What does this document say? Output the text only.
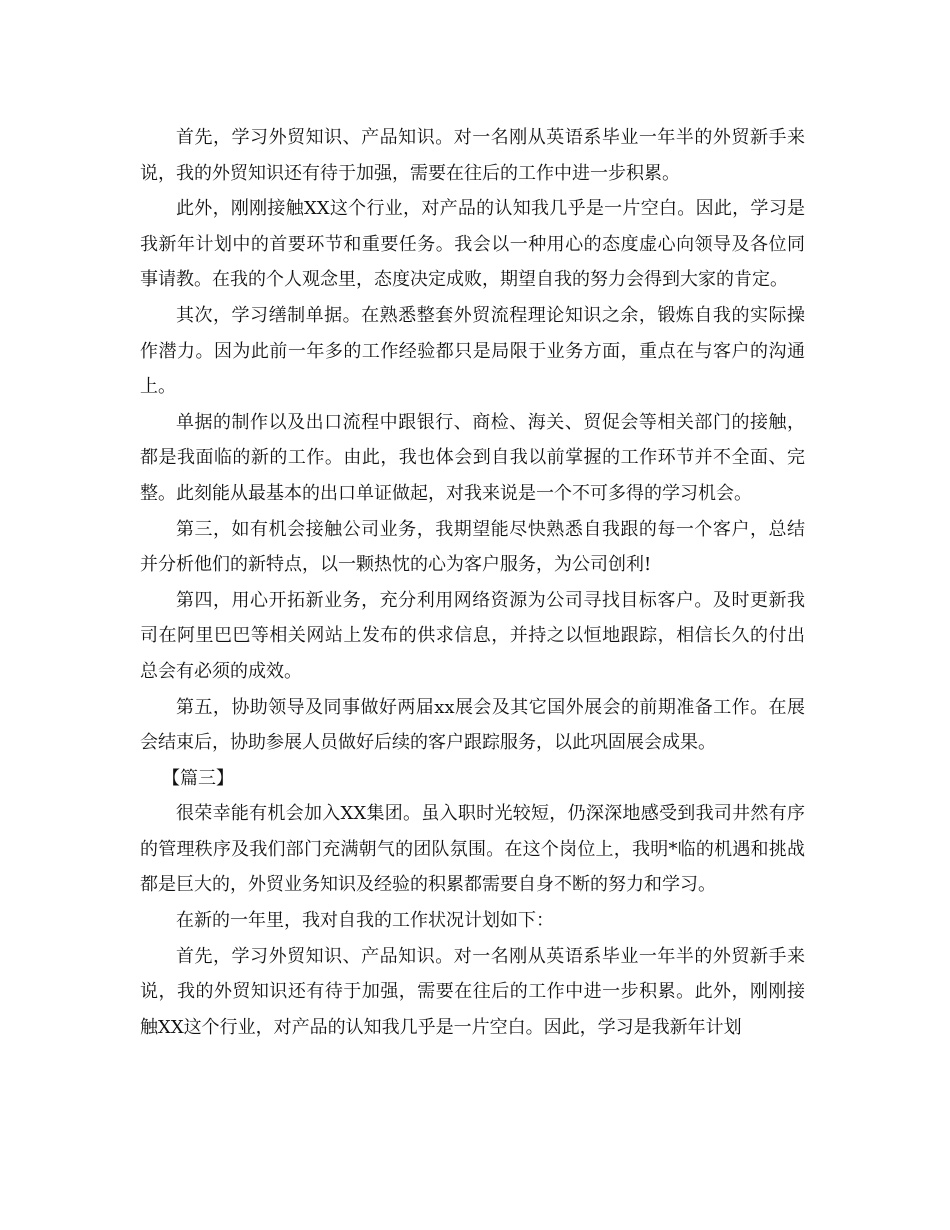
首先，学习外贸知识、产品知识。对一名刚从英语系毕业一年半的外贸新手来说，我的外贸知识还有待于加强，需要在往后的工作中进一步积累。

此外，刚刚接触XX这个行业，对产品的认知我几乎是一片空白。因此，学习是我新年计划中的首要环节和重要任务。我会以一种用心的态度虚心向领导及各位同事请教。在我的个人观念里，态度决定成败，期望自我的努力会得到大家的肯定。

其次，学习缮制单据。在熟悉整套外贸流程理论知识之余，锻炼自我的实际操作潜力。因为此前一年多的工作经验都只是局限于业务方面，重点在与客户的沟通上。

单据的制作以及出口流程中跟银行、商检、海关、贸促会等相关部门的接触，都是我面临的新的工作。由此，我也体会到自我以前掌握的工作环节并不全面、完整。此刻能从最基本的出口单证做起，对我来说是一个不可多得的学习机会。

第三，如有机会接触公司业务，我期望能尽快熟悉自我跟的每一个客户，总结并分析他们的新特点，以一颗热忱的心为客户服务，为公司创利!

第四，用心开拓新业务，充分利用网络资源为公司寻找目标客户。及时更新我司在阿里巴巴等相关网站上发布的供求信息，并持之以恒地跟踪，相信长久的付出总会有必须的成效。

第五，协助领导及同事做好两届xx展会及其它国外展会的前期准备工作。在展会结束后，协助参展人员做好后续的客户跟踪服务，以此巩固展会成果。

【篇三】

很荣幸能有机会加入XX集团。虽入职时光较短，仍深深地感受到我司井然有序的管理秩序及我们部门充满朝气的团队氛围。在这个岗位上，我明*临的机遇和挑战都是巨大的，外贸业务知识及经验的积累都需要自身不断的努力和学习。

在新的一年里，我对自我的工作状况计划如下：

首先，学习外贸知识、产品知识。对一名刚从英语系毕业一年半的外贸新手来说，我的外贸知识还有待于加强，需要在往后的工作中进一步积累。此外，刚刚接触XX这个行业，对产品的认知我几乎是一片空白。因此，学习是我新年计划
